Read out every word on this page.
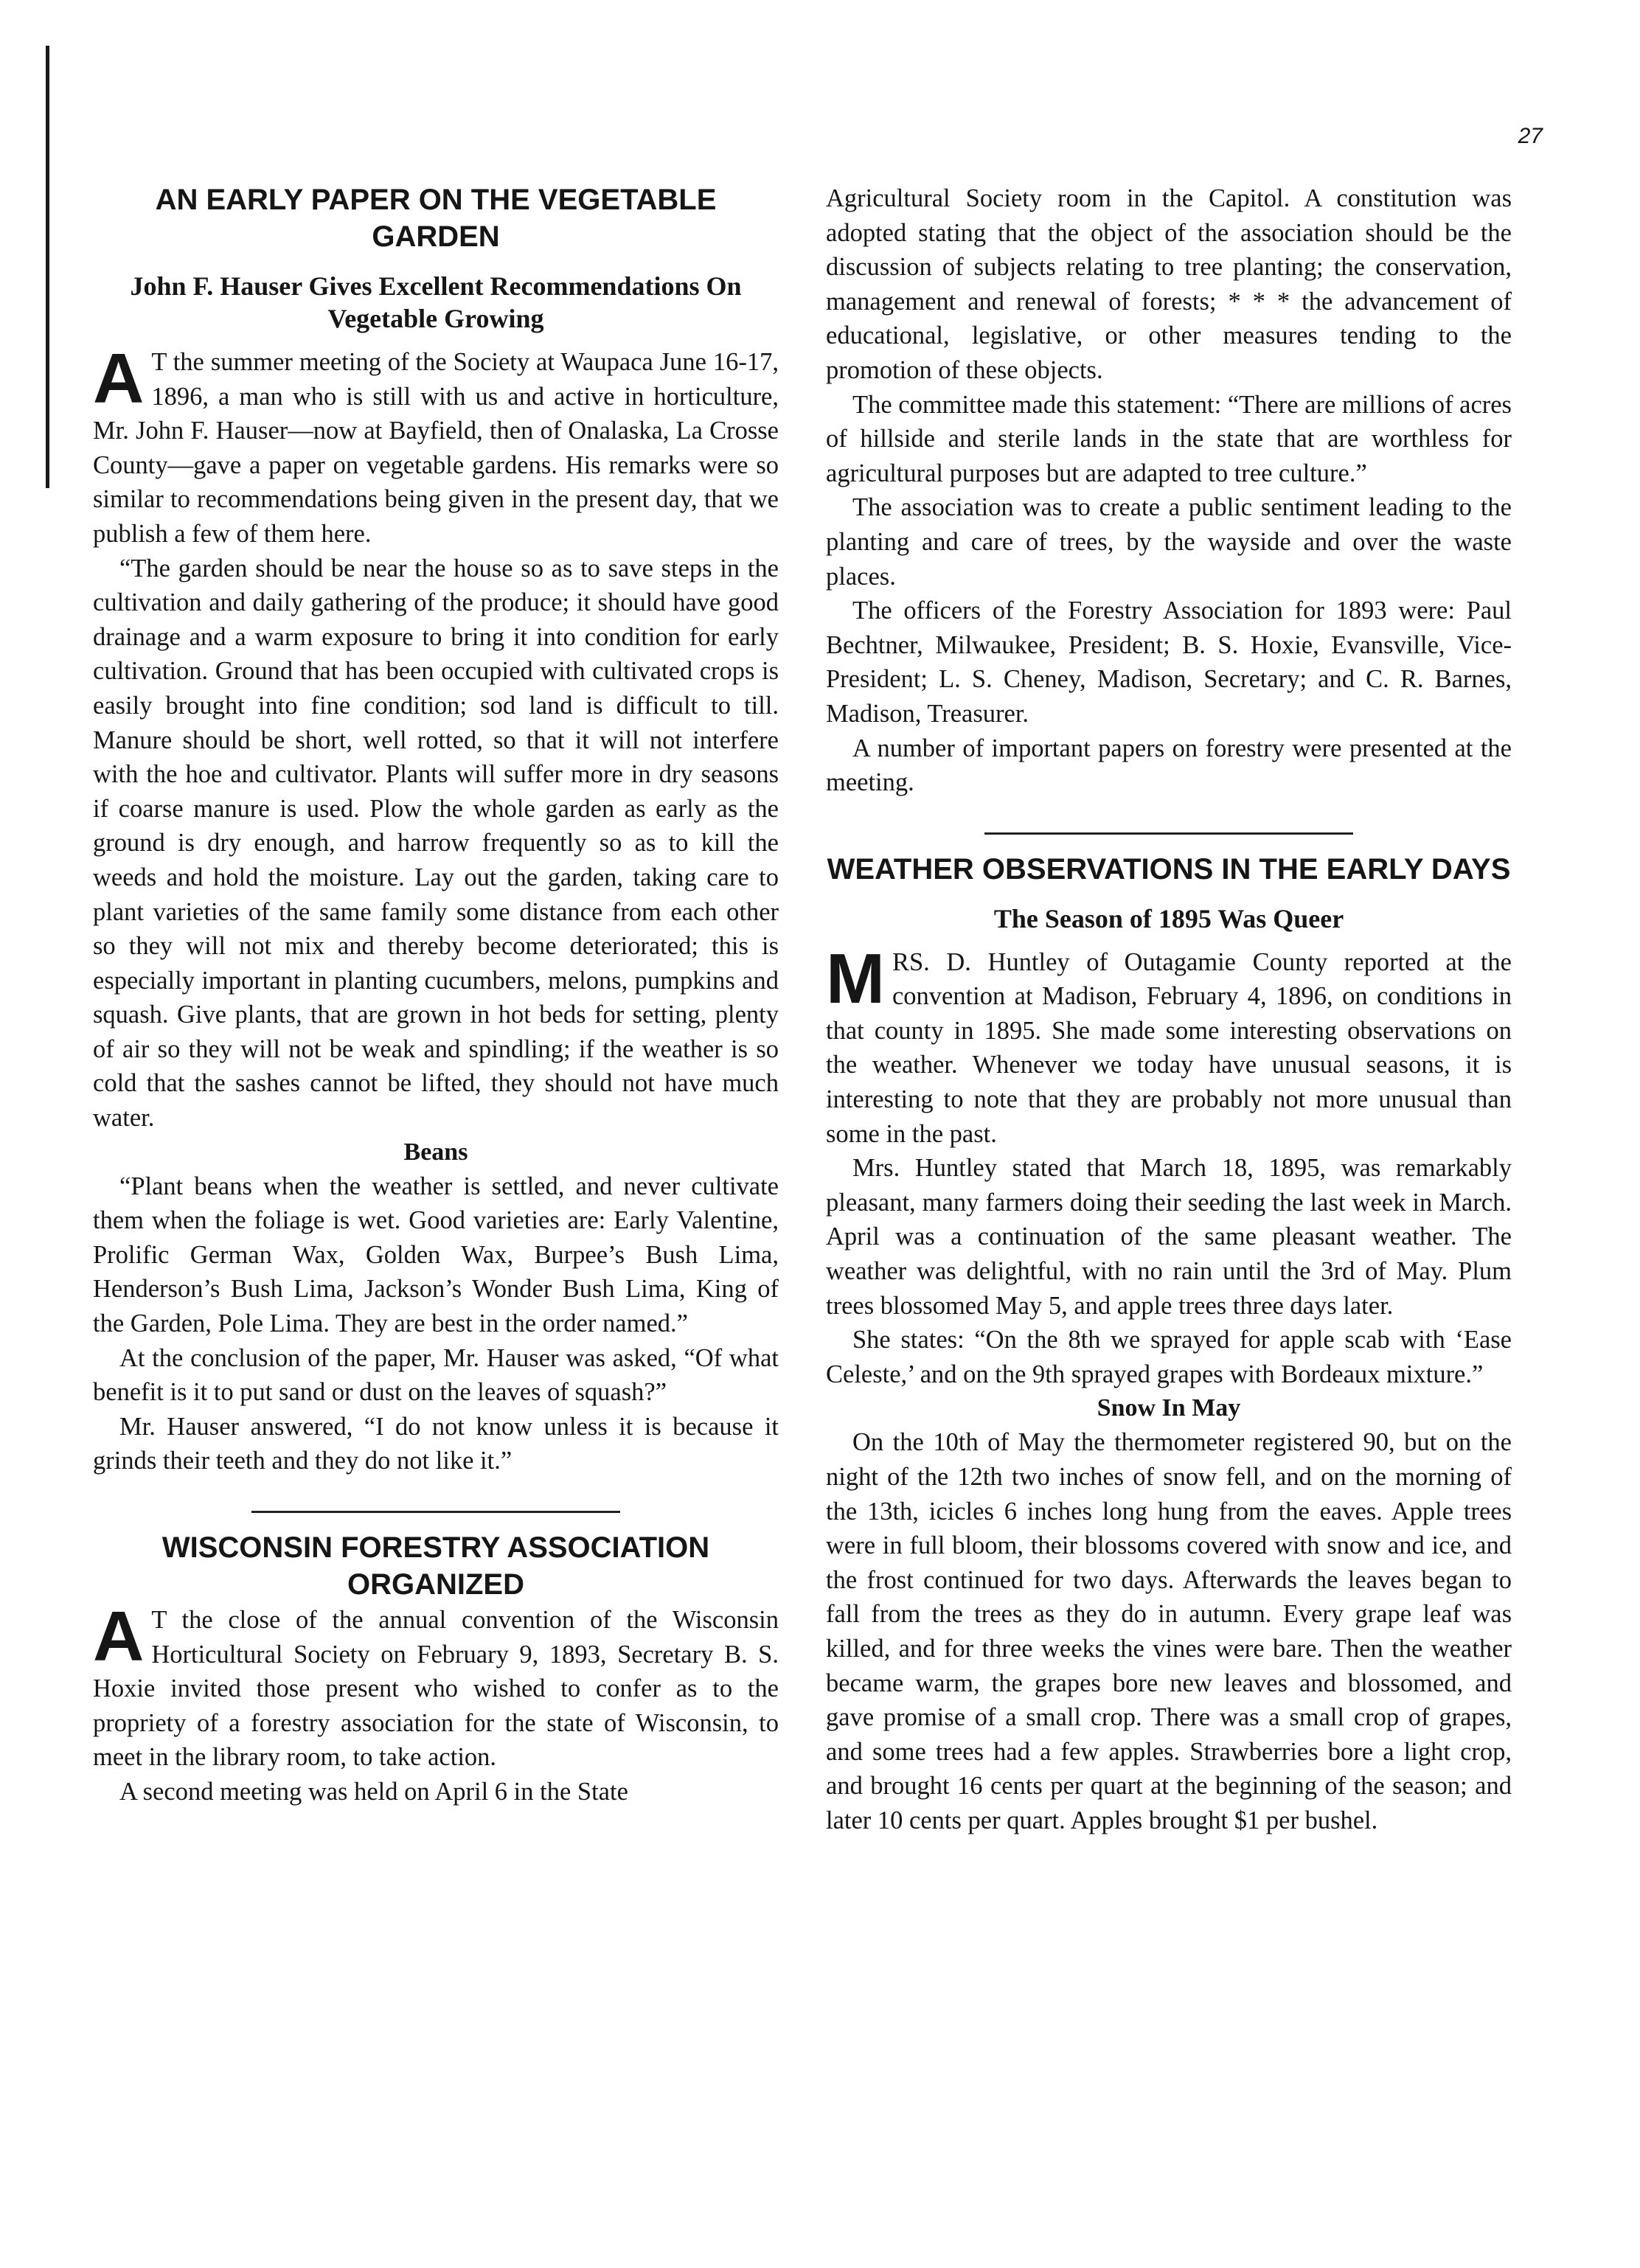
27
AN EARLY PAPER ON THE VEGETABLE GARDEN
John F. Hauser Gives Excellent Recommendations On Vegetable Growing

A T the summer meeting of the Society at Waupaca June 16-17, 1896, a man who is still with us and active in horticulture, Mr. John F. Hauser—now at Bayfield, then of Onalaska, La Crosse County—gave a paper on vegetable gardens. His remarks were so similar to recommendations being given in the present day, that we publish a few of them here.

“The garden should be near the house so as to save steps in the cultivation and daily gathering of the produce; it should have good drainage and a warm exposure to bring it into condition for early cultivation. Ground that has been occupied with cultivated crops is easily brought into fine condition; sod land is difficult to till. Manure should be short, well rotted, so that it will not interfere with the hoe and cultivator. Plants will suffer more in dry seasons if coarse manure is used. Plow the whole garden as early as the ground is dry enough, and harrow frequently so as to kill the weeds and hold the moisture. Lay out the garden, taking care to plant varieties of the same family some distance from each other so they will not mix and thereby become deteriorated; this is especially important in planting cucumbers, melons, pumpkins and squash. Give plants, that are grown in hot beds for setting, plenty of air so they will not be weak and spindling; if the weather is so cold that the sashes cannot be lifted, they should not have much water.

Beans

“Plant beans when the weather is settled, and never cultivate them when the foliage is wet. Good varieties are: Early Valentine, Prolific German Wax, Golden Wax, Burpee’s Bush Lima, Henderson’s Bush Lima, Jackson’s Wonder Bush Lima, King of the Garden, Pole Lima. They are best in the order named.”

At the conclusion of the paper, Mr. Hauser was asked, “Of what benefit is it to put sand or dust on the leaves of squash?”

Mr. Hauser answered, “I do not know unless it is because it grinds their teeth and they do not like it.”

WISCONSIN FORESTRY ASSOCIATION ORGANIZED

A T the close of the annual convention of the Wisconsin Horticultural Society on February 9, 1893, Secretary B. S. Hoxie invited those present who wished to confer as to the propriety of a forestry association for the state of Wisconsin, to meet in the library room, to take action.

A second meeting was held on April 6 in the State

Agricultural Society room in the Capitol. A constitution was adopted stating that the object of the association should be the discussion of subjects relating to tree planting; the conservation, management and renewal of forests; * * * the advancement of educational, legislative, or other measures tending to the promotion of these objects.

The committee made this statement: “There are millions of acres of hillside and sterile lands in the state that are worthless for agricultural purposes but are adapted to tree culture.”

The association was to create a public sentiment leading to the planting and care of trees, by the wayside and over the waste places.

The officers of the Forestry Association for 1893 were: Paul Bechtner, Milwaukee, President; B. S. Hoxie, Evansville, Vice-President; L. S. Cheney, Madison, Secretary; and C. R. Barnes, Madison, Treasurer.

A number of important papers on forestry were presented at the meeting.

WEATHER OBSERVATIONS IN THE EARLY DAYS
The Season of 1895 Was Queer

MRS. D. Huntley of Outagamie County reported at the convention at Madison, February 4, 1896, on conditions in that county in 1895. She made some interesting observations on the weather. Whenever we today have unusual seasons, it is interesting to note that they are probably not more unusual than some in the past.

Mrs. Huntley stated that March 18, 1895, was remarkably pleasant, many farmers doing their seeding the last week in March. April was a continuation of the same pleasant weather. The weather was delightful, with no rain until the 3rd of May. Plum trees blossomed May 5, and apple trees three days later.

She states: “On the 8th we sprayed for apple scab with ‘Ease Celeste,’ and on the 9th sprayed grapes with Bordeaux mixture.”

Snow In May

On the 10th of May the thermometer registered 90, but on the night of the 12th two inches of snow fell, and on the morning of the 13th, icicles 6 inches long hung from the eaves. Apple trees were in full bloom, their blossoms covered with snow and ice, and the frost continued for two days. Afterwards the leaves began to fall from the trees as they do in autumn. Every grape leaf was killed, and for three weeks the vines were bare. Then the weather became warm, the grapes bore new leaves and blossomed, and gave promise of a small crop. There was a small crop of grapes, and some trees had a few apples. Strawberries bore a light crop, and brought 16 cents per quart at the beginning of the season; and later 10 cents per quart. Apples brought $1 per bushel.
